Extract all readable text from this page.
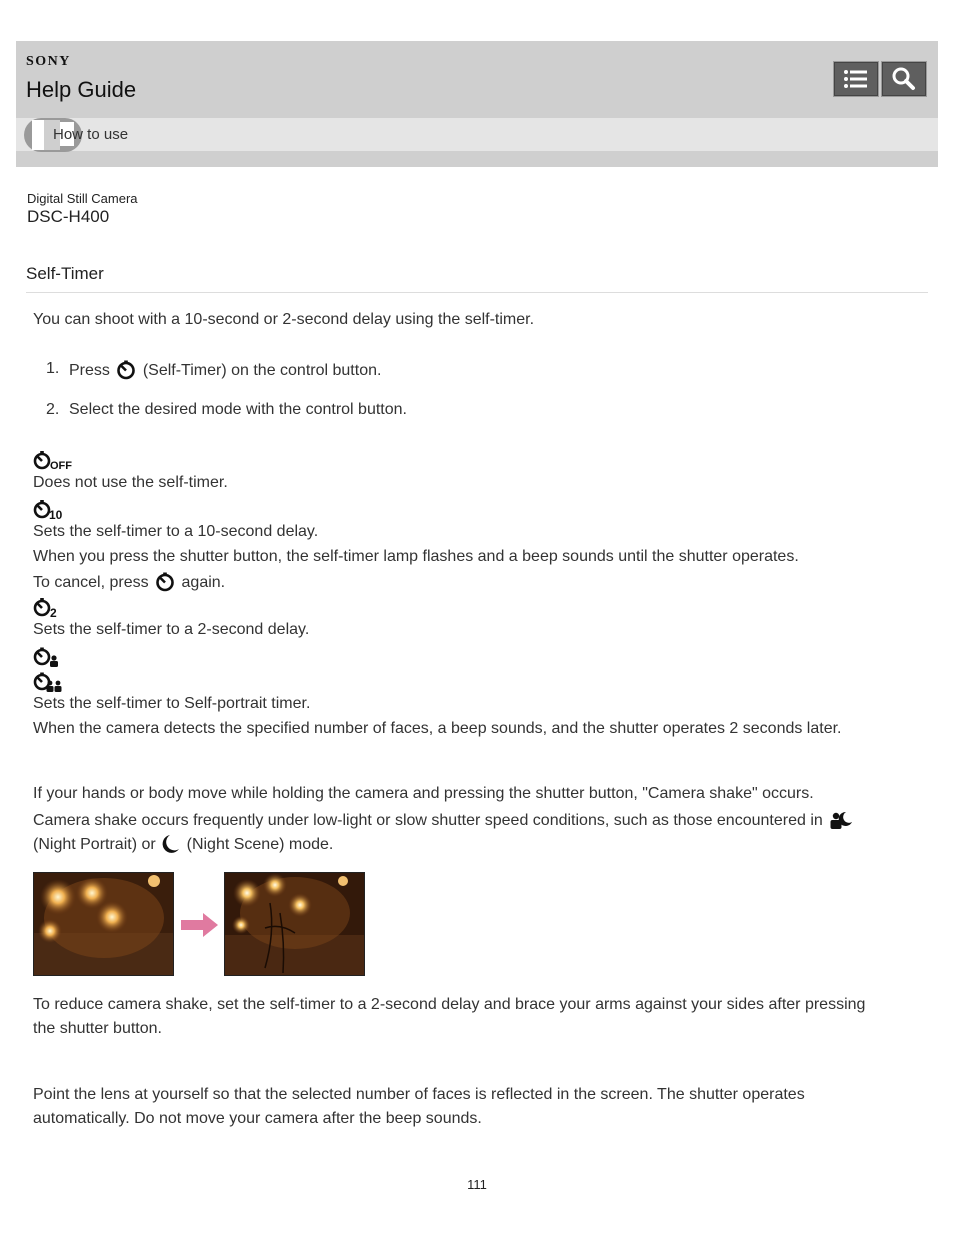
SONY
Help Guide
How to use
Digital Still Camera
DSC-H400
Self-Timer
You can shoot with a 10-second or 2-second delay using the self-timer.
1. Press (Self-Timer) on the control button.
2. Select the desired mode with the control button.
OFF
Does not use the self-timer.
10
Sets the self-timer to a 10-second delay.
When you press the shutter button, the self-timer lamp flashes and a beep sounds until the shutter operates.
To cancel, press again.
2
Sets the self-timer to a 2-second delay.
Sets the self-timer to Self-portrait timer.
When the camera detects the specified number of faces, a beep sounds, and the shutter operates 2 seconds later.
If your hands or body move while holding the camera and pressing the shutter button, "Camera shake" occurs.
Camera shake occurs frequently under low-light or slow shutter speed conditions, such as those encountered in
(Night Portrait) or (Night Scene) mode.
To reduce camera shake, set the self-timer to a 2-second delay and brace your arms against your sides after pressing
the shutter button.
Point the lens at yourself so that the selected number of faces is reflected in the screen. The shutter operates
automatically. Do not move your camera after the beep sounds.
111
